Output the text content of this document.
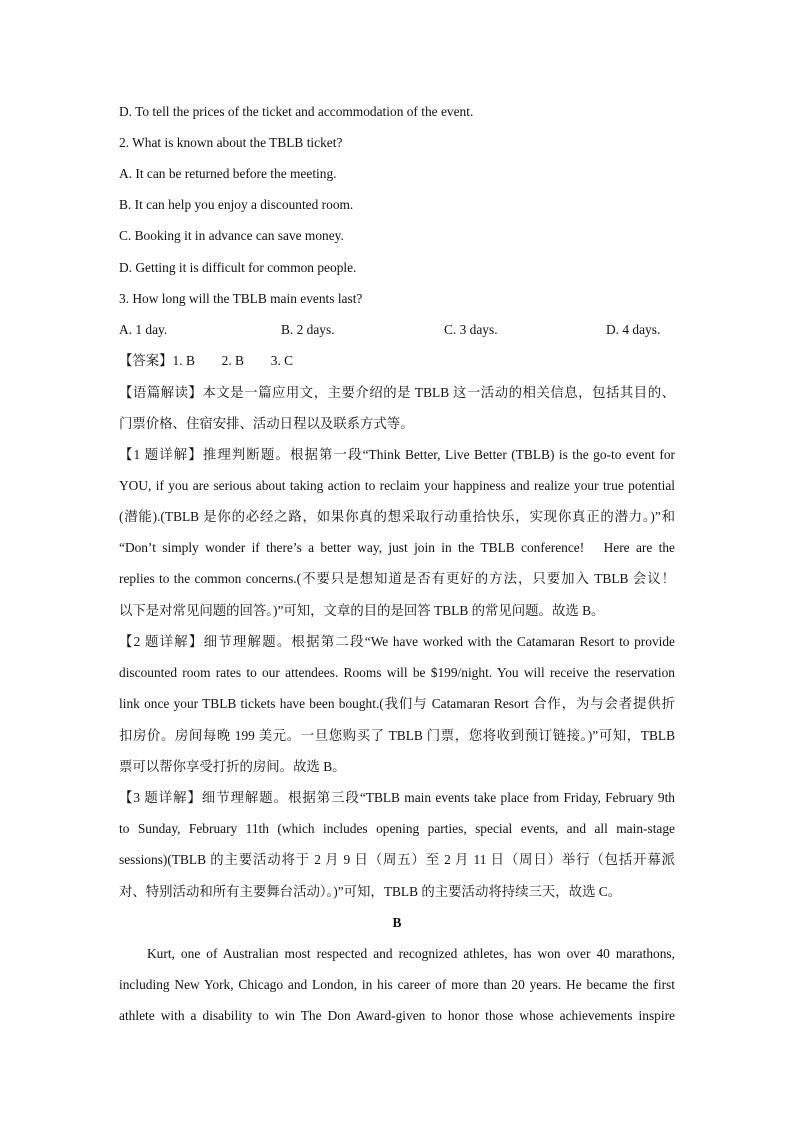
D. To tell the prices of the ticket and accommodation of the event.
2. What is known about the TBLB ticket?
A. It can be returned before the meeting.
B. It can help you enjoy a discounted room.
C. Booking it in advance can save money.
D. Getting it is difficult for common people.
3. How long will the TBLB main events last?
A. 1 day.	B. 2 days.	C. 3 days.	D. 4 days.
【答案】1. B　　2. B　　3. C
【语篇解读】本文是一篇应用文，主要介绍的是 TBLB 这一活动的相关信息，包括其目的、
门票价格、住宿安排、活动日程以及联系方式等。
【1 题详解】推理判断题。根据第一段“Think Better, Live Better (TBLB) is the go-to event for
YOU, if you are serious about taking action to reclaim your happiness and realize your true potential
(潜能).(TBLB 是你的必经之路，如果你真的想采取行动重拾快乐，实现你真正的潜力。)”和
“Don’t simply wonder if there’s a better way, just join in the TBLB conference!　Here are the
replies to the common concerns.(不要只是想知道是否有更好的方法，只要加入 TBLB 会议！
以下是对常见问题的回答。)”可知，文章的目的是回答 TBLB 的常见问题。故选 B。
【2 题详解】细节理解题。根据第二段“We have worked with the Catamaran Resort to provide
discounted room rates to our attendees. Rooms will be $199/night. You will receive the reservation
link once your TBLB tickets have been bought.(我们与 Catamaran Resort 合作，为与会者提供折
扣房价。房间每晚 199 美元。一旦您购买了 TBLB 门票，您将收到预订链接。)”可知，TBLB
票可以帮你享受打折的房间。故选 B。
【3 题详解】细节理解题。根据第三段“TBLB main events take place from Friday, February 9th
to Sunday, February 11th (which includes opening parties, special events, and all main-stage
sessions)(TBLB 的主要活动将于 2 月 9 日（周五）至 2 月 11 日（周日）举行（包括开幕派
对、特别活动和所有主要舞台活动）。)”可知，TBLB 的主要活动将持续三天，故选 C。
B
Kurt, one of Australian most respected and recognized athletes, has won over 40 marathons,
including New York, Chicago and London, in his career of more than 20 years. He became the first
athlete with a disability to win The Don Award-given to honor those whose achievements inspire
